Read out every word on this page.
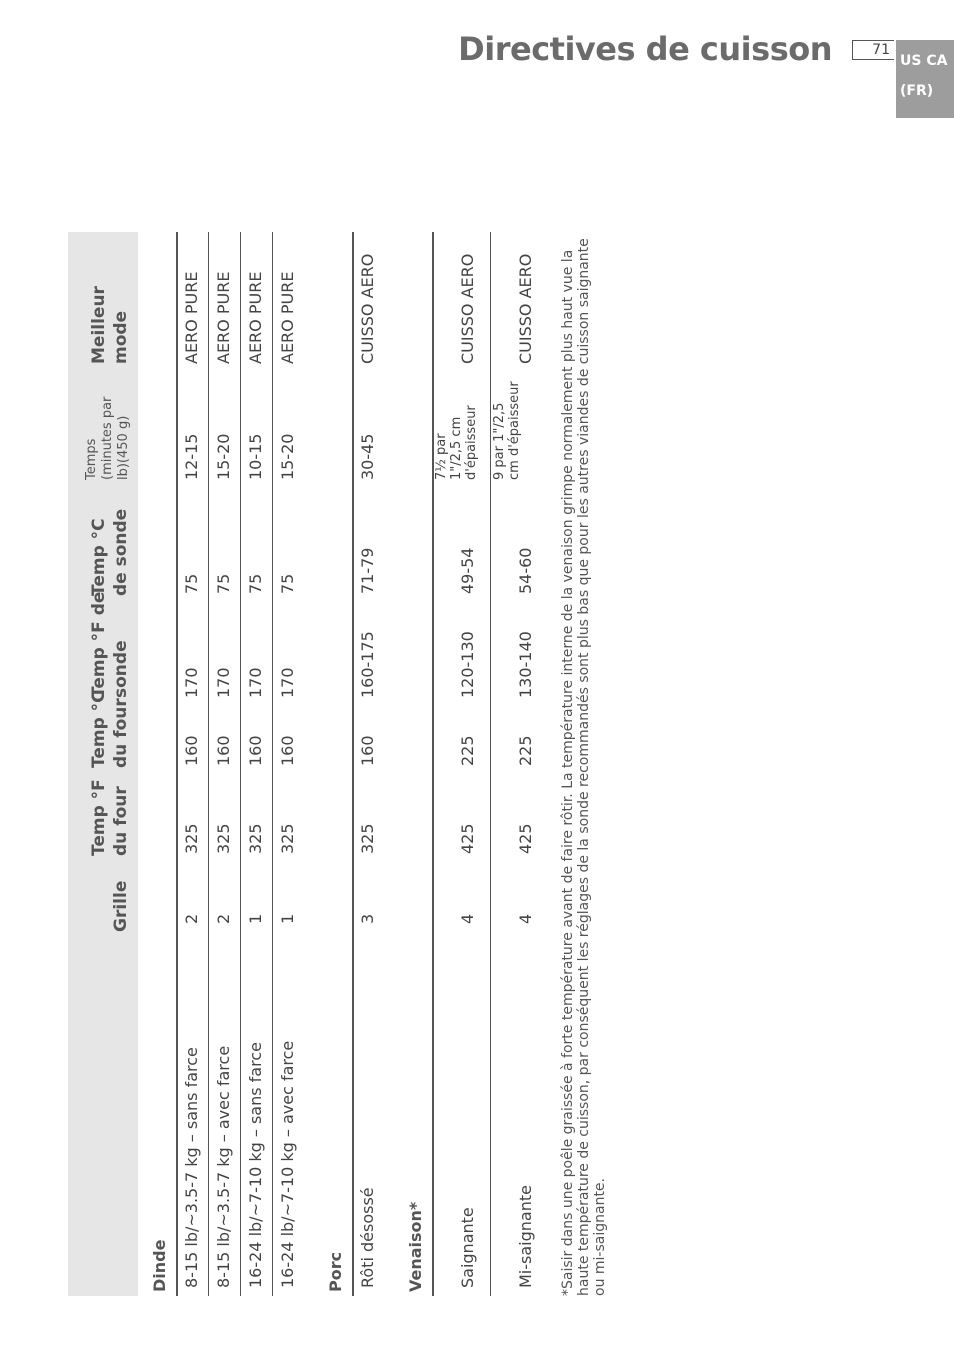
Directives de cuisson	71
US CA
(FR)
Grille
Temp °F du four
Temp °C du four
Temp °F de sonde
Temp °C de sonde
Temps (minutes par lb)(450 g)
Meilleur mode
Dinde 8-15 lb/~3.5-7 kg – sans farce
2
325
160
170
75
12-15
AERO PURE
8-15 lb/~3.5-7 kg – avec farce
2
325
160
170
75
15-20
AERO PURE
16-24 lb/~7-10 kg – sans farce
1
325
160
170
75
10-15
AERO PURE
16-24 lb/~7-10 kg – avec farce
1
325
160
170
75
15-20
AERO PURE
Porc Rôti désossé
3
325
160
160-175
71-79
30-45
CUISSO AERO
Venaison* Saignante
4
425
225
120-130
49-54
7½ par 1"/2,5 cm d'épaisseur
CUISSO AERO
Mi-saignante
4
425
225
130-140
54-60
9 par 1"/2,5 cm d'épaisseur
CUISSO AERO *Saisir dans une poêle graissée à forte température avant de faire rôtir. La température interne de la venaison grimpe normalement plus haut vue la haute température de cuisson, par conséquent les réglages de la sonde recommandés sont plus bas que pour les autres viandes de cuisson saignante ou mi-saignante.
